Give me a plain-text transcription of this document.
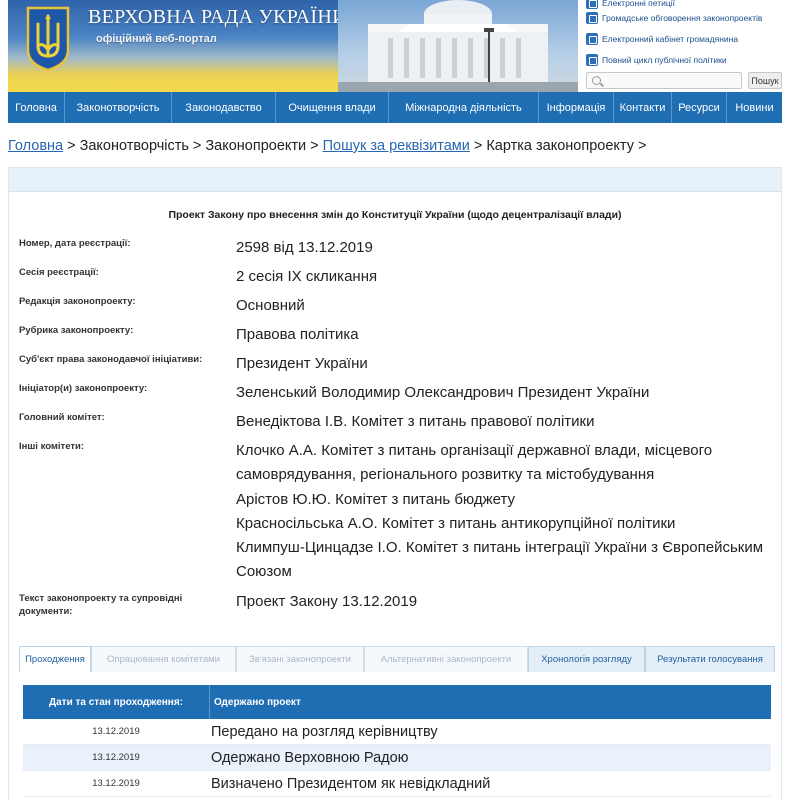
ВЕРХОВНА РАДА УКРАЇНИ
офіційний веб-портал
Електронні петиції
Громадське обговорення законопроектів
Електронний кабінет громадянина
Повний цикл публічної політики
Пошук
Головна	Законотворчість	Законодавство	Очищення влади	Міжнародна діяльність	Інформація	Контакти	Ресурси	Новини
Головна > Законотворчість > Законопроекти > Пошук за реквізитами > Картка законопроекту >
Проект Закону про внесення змін до Конституції України (щодо децентралізації влади)
Номер, дата реєстрації:	2598 від 13.12.2019
Сесія реєстрації:	2 сесія IX скликання
Редакція законопроекту:	Основний
Рубрика законопроекту:	Правова політика
Суб'єкт права законодавчої ініціативи:	Президент України
Ініціатор(и) законопроекту:	Зеленський Володимир Олександрович Президент України
Головний комітет:	Венедіктова І.В. Комітет з питань правової політики
Інші комітети:	Клочко А.А. Комітет з питань організації державної влади, місцевого самоврядування, регіонального розвитку та містобудування
Арістов Ю.Ю. Комітет з питань бюджету
Красносільська А.О. Комітет з питань антикорупційної політики
Климпуш-Цинцадзе І.О. Комітет з питань інтеграції України з Європейським Союзом
Текст законопроекту та супровідні документи:
Проект Закону 13.12.2019
Проходження	Опрацювання комітетами	Зв'язані законопроекти	Альтернативні законопроекти	Хронологія розгляду	Результати голосування
Дати та стан проходження:	Одержано проект
13.12.2019	Передано на розгляд керівництву
13.12.2019	Одержано Верховною Радою
13.12.2019	Визначено Президентом як невідкладний
